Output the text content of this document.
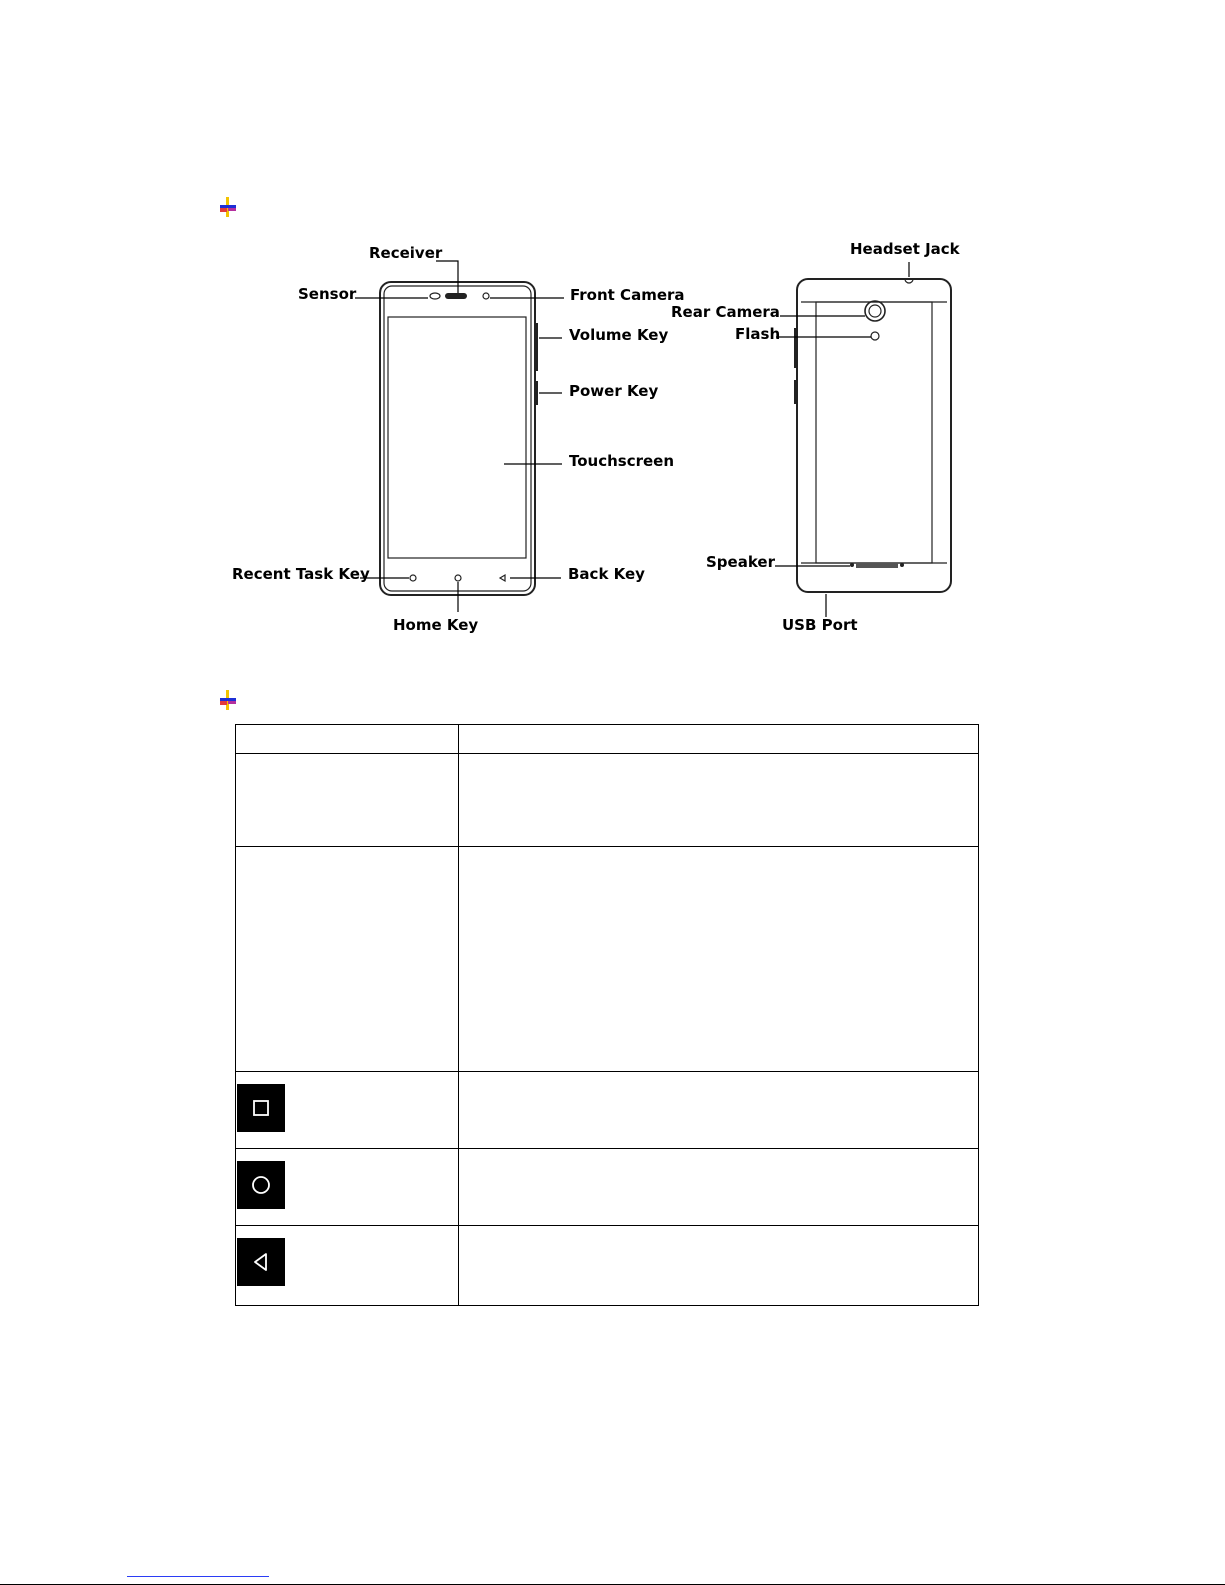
Receiver
Sensor	Front Camera
Volume Key
Power Key
Touchscreen
Recent Task Key	Back Key
Home Key
Headset Jack
Rear Camera
Flash
Speaker
USB Port
